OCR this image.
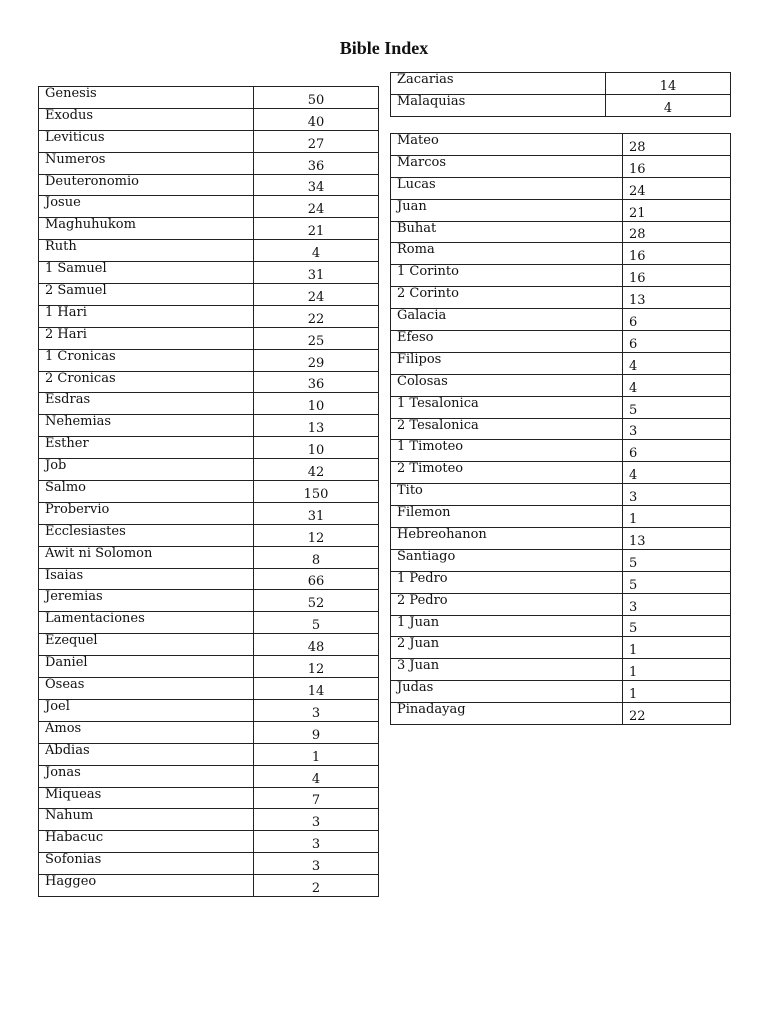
Bible Index
Genesis	50
Exodus	40
Leviticus	27
Numeros	36
Deuteronomio	34
Josue	24
Maghuhukom	21
Ruth	4
1 Samuel	31
2 Samuel	24
1 Hari	22
2 Hari	25
1 Cronicas	29
2 Cronicas	36
Esdras	10
Nehemias	13
Esther	10
Job	42
Salmo	150
Probervio	31
Ecclesiastes	12
Awit ni Solomon	8
Isaias	66
Jeremias	52
Lamentaciones	5
Ezequel	48
Daniel	12
Oseas	14
Joel	3
Amos	9
Abdias	1
Jonas	4
Miqueas	7
Nahum	3
Habacuc	3
Sofonias	3
Haggeo	2
Zacarias	14
Malaquias	4
Mateo	28
Marcos	16
Lucas	24
Juan	21
Buhat	28
Roma	16
1 Corinto	16
2 Corinto	13
Galacia	6
Efeso	6
Filipos	4
Colosas	4
1 Tesalonica	5
2 Tesalonica	3
1 Timoteo	6
2 Timoteo	4
Tito	3
Filemon	1
Hebreohanon	13
Santiago	5
1 Pedro	5
2 Pedro	3
1 Juan	5
2 Juan	1
3 Juan	1
Judas	1
Pinadayag	22
